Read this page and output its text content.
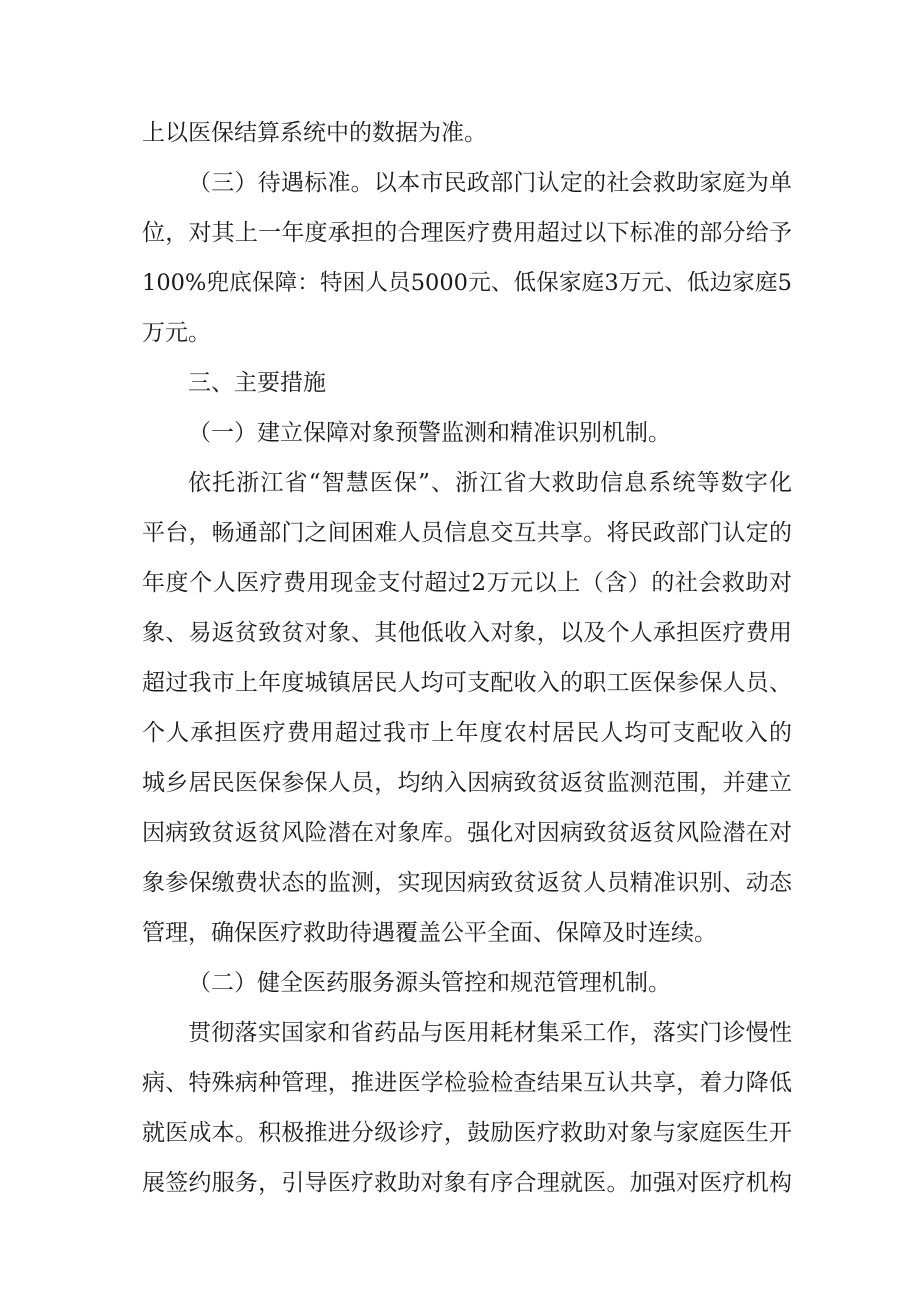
上以医保结算系统中的数据为准。
（三）待遇标准。以本市民政部门认定的社会救助家庭为单
位，对其上一年度承担的合理医疗费用超过以下标准的部分给予
100%兜底保障：特困人员5000元、低保家庭3万元、低边家庭5
万元。
三、主要措施
（一）建立保障对象预警监测和精准识别机制。
依托浙江省“智慧医保”、浙江省大救助信息系统等数字化
平台，畅通部门之间困难人员信息交互共享。将民政部门认定的
年度个人医疗费用现金支付超过2万元以上（含）的社会救助对
象、易返贫致贫对象、其他低收入对象，以及个人承担医疗费用
超过我市上年度城镇居民人均可支配收入的职工医保参保人员、
个人承担医疗费用超过我市上年度农村居民人均可支配收入的
城乡居民医保参保人员，均纳入因病致贫返贫监测范围，并建立
因病致贫返贫风险潜在对象库。强化对因病致贫返贫风险潜在对
象参保缴费状态的监测，实现因病致贫返贫人员精准识别、动态
管理，确保医疗救助待遇覆盖公平全面、保障及时连续。
（二）健全医药服务源头管控和规范管理机制。
贯彻落实国家和省药品与医用耗材集采工作，落实门诊慢性
病、特殊病种管理，推进医学检验检查结果互认共享，着力降低
就医成本。积极推进分级诊疗，鼓励医疗救助对象与家庭医生开
展签约服务，引导医疗救助对象有序合理就医。加强对医疗机构
